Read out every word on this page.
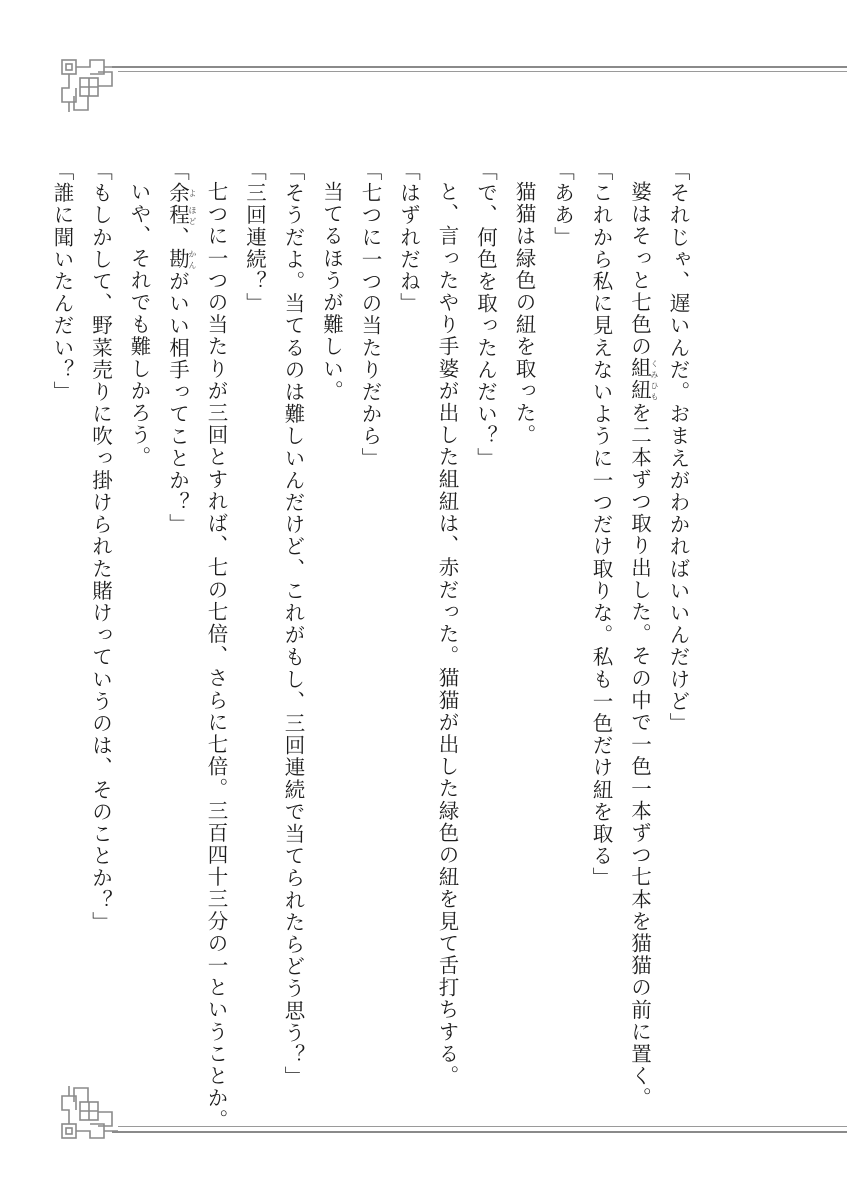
「それじゃ、遅いんだ。おまえがわかればいいんだけど」

婆はそっと七色の組くみ紐ひもを二本ずつ取り出した。その中で一色一本ずつ七本を猫猫の前に置く。

「これから私に見えないように一つだけ取りな。私も一色だけ紐を取る」

「ああ」

猫猫は緑色の紐を取った。

「で、何色を取ったんだい？」

と、言ったやり手婆が出した組紐は、赤だった。猫猫が出した緑色の紐を見て舌打ちする。

「はずれだね」

「七つに一つの当たりだから」

当てるほうが難しい。

「そうだよ。当てるのは難しいんだけど、これがもし、三回連続で当てられたらどう思う？」

「三回連続？」

七つに一つの当たりが三回とすれば、七の七倍、さらに七倍。三百四十三分の一ということか。

「余よ程ほど、勘かんがいい相手ってことか？」

いや、それでも難しかろう。

「もしかして、野菜売りに吹っ掛けられた賭けっていうのは、そのことか？」

「誰に聞いたんだい？」
